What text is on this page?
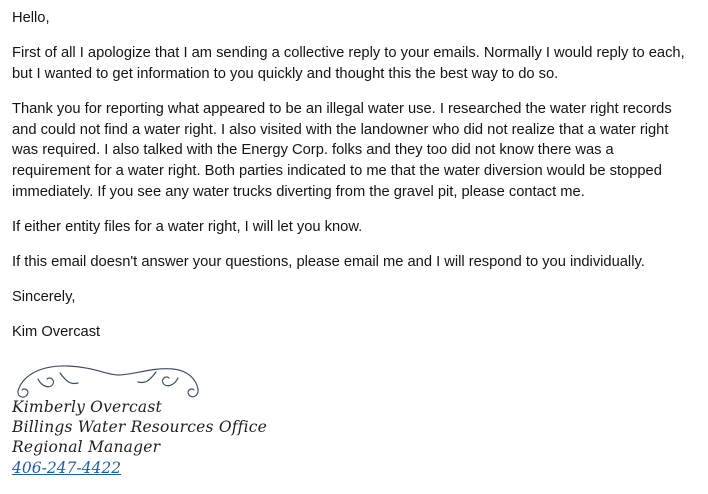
Hello,

First of all I apologize that I am sending a collective reply to your emails. Normally I would reply to each, but I wanted to get information to you quickly and thought this the best way to do so.

Thank you for reporting what appeared to be an illegal water use. I researched the water right records and could not find a water right. I also visited with the landowner who did not realize that a water right was required. I also talked with the Energy Corp. folks and they too did not know there was a requirement for a water right. Both parties indicated to me that the water diversion would be stopped immediately. If you see any water trucks diverting from the gravel pit, please contact me.

If either entity files for a water right, I will let you know.

If this email doesn't answer your questions, please email me and I will respond to you individually.

Sincerely,

Kim Overcast

Kimberly Overcast
Billings Water Resources Office
Regional Manager
406-247-4422
